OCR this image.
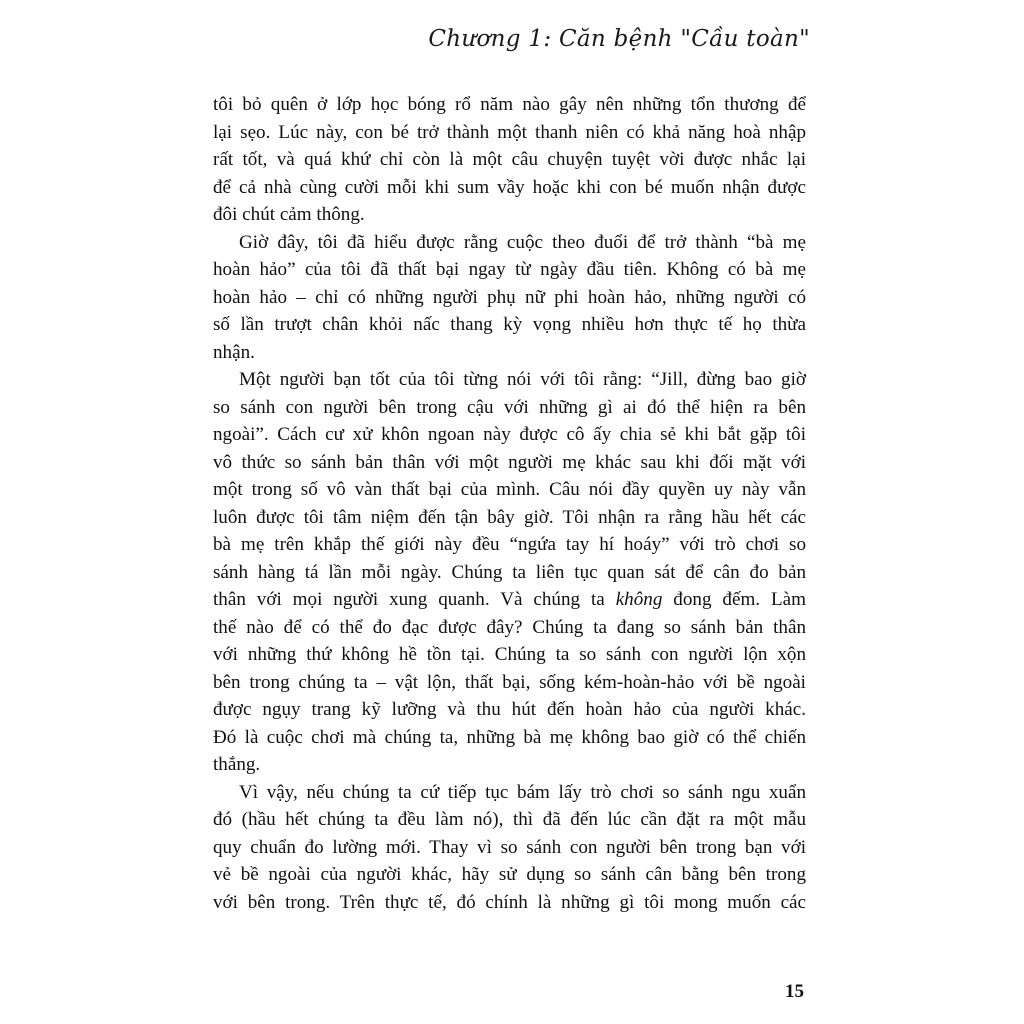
Chương 1: Căn bệnh "Cầu toàn"
tôi bỏ quên ở lớp học bóng rổ năm nào gây nên những tổn thương để
lại sẹo. Lúc này, con bé trở thành một thanh niên có khả năng hoà nhập
rất tốt, và quá khứ chỉ còn là một câu chuyện tuyệt vời được nhắc lại
để cả nhà cùng cười mỗi khi sum vầy hoặc khi con bé muốn nhận được
đôi chút cảm thông.
Giờ đây, tôi đã hiểu được rằng cuộc theo đuổi để trở thành “bà mẹ
hoàn hảo” của tôi đã thất bại ngay từ ngày đầu tiên. Không có bà mẹ
hoàn hảo – chỉ có những người phụ nữ phi hoàn hảo, những người có
số lần trượt chân khỏi nấc thang kỳ vọng nhiều hơn thực tế họ thừa
nhận.
Một người bạn tốt của tôi từng nói với tôi rằng: “Jill, đừng bao giờ
so sánh con người bên trong cậu với những gì ai đó thể hiện ra bên
ngoài”. Cách cư xử khôn ngoan này được cô ấy chia sẻ khi bắt gặp tôi
vô thức so sánh bản thân với một người mẹ khác sau khi đối mặt với
một trong số vô vàn thất bại của mình. Câu nói đầy quyền uy này vẫn
luôn được tôi tâm niệm đến tận bây giờ. Tôi nhận ra rằng hầu hết các
bà mẹ trên khắp thế giới này đều “ngứa tay hí hoáy” với trò chơi so
sánh hàng tá lần mỗi ngày. Chúng ta liên tục quan sát để cân đo bản
thân với mọi người xung quanh. Và chúng ta không đong đếm. Làm
thế nào để có thể đo đạc được đây? Chúng ta đang so sánh bản thân
với những thứ không hề tồn tại. Chúng ta so sánh con người lộn xộn
bên trong chúng ta – vật lộn, thất bại, sống kém-hoàn-hảo với bề ngoài
được ngụy trang kỹ lưỡng và thu hút đến hoàn hảo của người khác.
Đó là cuộc chơi mà chúng ta, những bà mẹ không bao giờ có thể chiến
thắng.
Vì vậy, nếu chúng ta cứ tiếp tục bám lấy trò chơi so sánh ngu xuẩn
đó (hầu hết chúng ta đều làm nó), thì đã đến lúc cần đặt ra một mẫu
quy chuẩn đo lường mới. Thay vì so sánh con người bên trong bạn với
vẻ bề ngoài của người khác, hãy sử dụng so sánh cân bằng bên trong
với bên trong. Trên thực tế, đó chính là những gì tôi mong muốn các
15
